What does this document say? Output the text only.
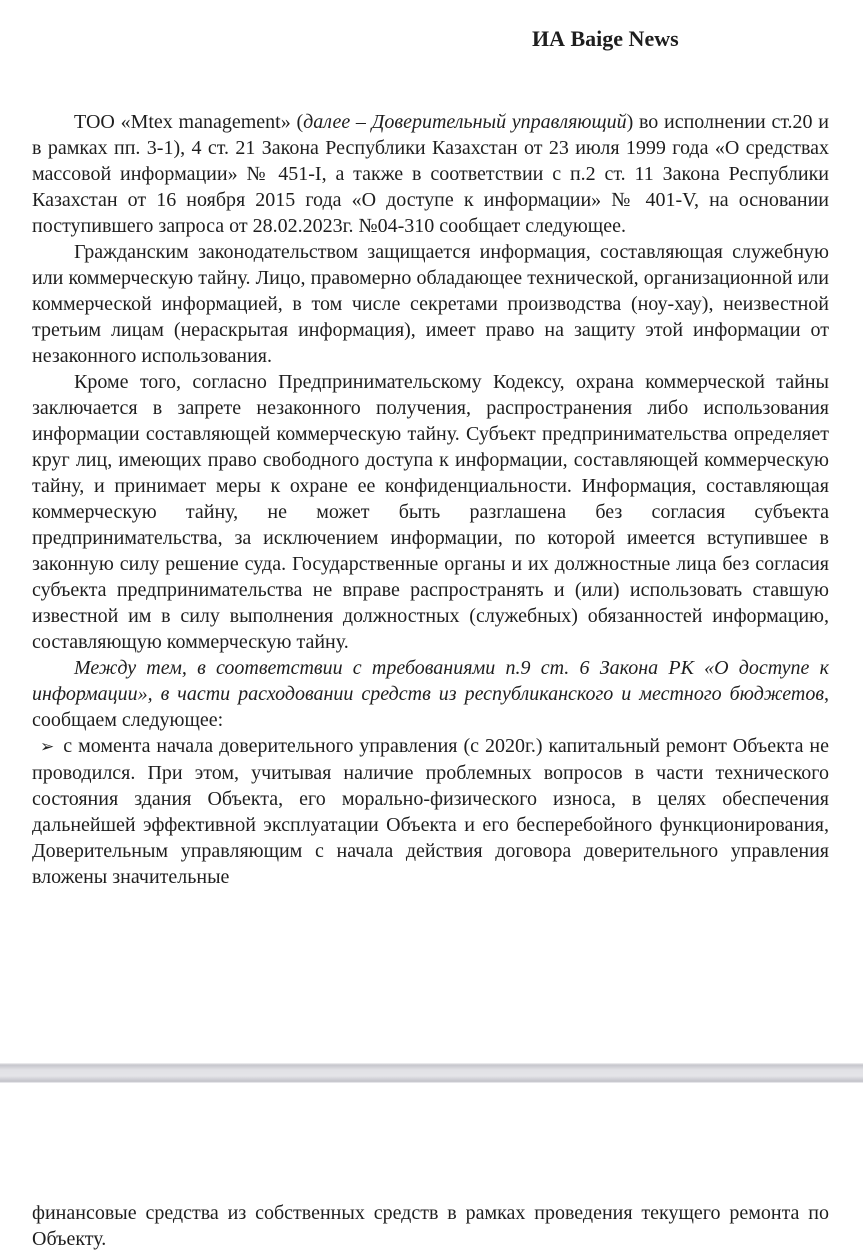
ИА Baige News

ТОО «Mtex management» (далее – Доверительный управляющий) во исполнении ст.20 и в рамках пп. 3-1), 4 ст. 21 Закона Республики Казахстан от 23 июля 1999 года «О средствах массовой информации» № 451-I, а также в соответствии с п.2 ст. 11 Закона Республики Казахстан от 16 ноября 2015 года «О доступе к информации» № 401-V, на основании поступившего запроса от 28.02.2023г. №04-310 сообщает следующее.

Гражданским законодательством защищается информация, составляющая служебную или коммерческую тайну. Лицо, правомерно обладающее технической, организационной или коммерческой информацией, в том числе секретами производства (ноу-хау), неизвестной третьим лицам (нераскрытая информация), имеет право на защиту этой информации от незаконного использования.

Кроме того, согласно Предпринимательскому Кодексу, охрана коммерческой тайны заключается в запрете незаконного получения, распространения либо использования информации составляющей коммерческую тайну. Субъект предпринимательства определяет круг лиц, имеющих право свободного доступа к информации, составляющей коммерческую тайну, и принимает меры к охране ее конфиденциальности. Информация, составляющая коммерческую тайну, не может быть разглашена без согласия субъекта предпринимательства, за исключением информации, по которой имеется вступившее в законную силу решение суда. Государственные органы и их должностные лица без согласия субъекта предпринимательства не вправе распространять и (или) использовать ставшую известной им в силу выполнения должностных (служебных) обязанностей информацию, составляющую коммерческую тайну.

Между тем, в соответствии с требованиями п.9 ст. 6 Закона РК «О доступе к информации», в части расходовании средств из республиканского и местного бюджетов, сообщаем следующее:

➢ с момента начала доверительного управления (с 2020г.) капитальный ремонт Объекта не проводился. При этом, учитывая наличие проблемных вопросов в части технического состояния здания Объекта, его морально-физического износа, в целях обеспечения дальнейшей эффективной эксплуатации Объекта и его бесперебойного функционирования, Доверительным управляющим с начала действия договора доверительного управления вложены значительные

финансовые средства из собственных средств в рамках проведения текущего ремонта по Объекту.
